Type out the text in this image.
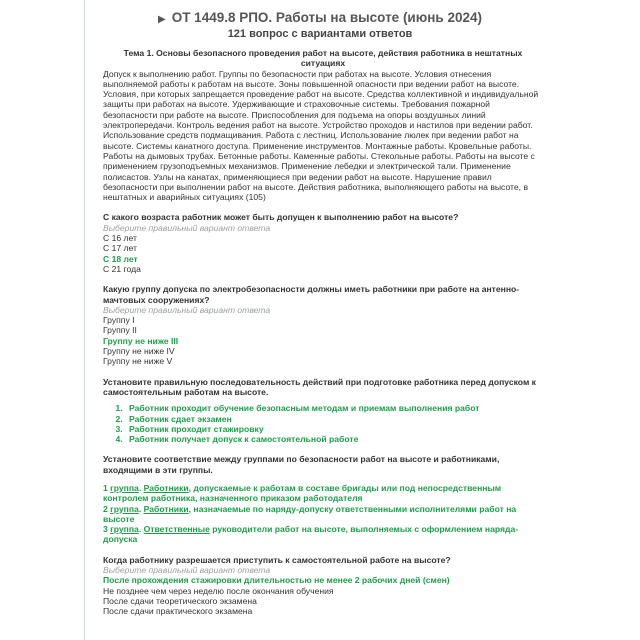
▶ ОТ 1449.8 РПО. Работы на высоте (июнь 2024)
121 вопрос с вариантами ответов
Тема 1. Основы безопасного проведения работ на высоте, действия работника в нештатных ситуациях
Допуск к выполнению работ. Группы по безопасности при работах на высоте. Условия отнесения выполняемой работы к работам на высоте. Зоны повышенной опасности при ведении работ на высоте. Условия, при которых запрещается проведение работ на высоте. Средства коллективной и индивидуальной защиты при работах на высоте. Удерживающие и страховочные системы. Требования пожарной безопасности при работе на высоте. Приспособления для подъема на опоры воздушных линий электропередачи. Контроль ведения работ на высоте. Устройство проходов и настилов при ведении работ. Использование средств подмащивания. Работа с лестниц. Использование люлек при ведении работ на высоте. Системы канатного доступа. Применение инструментов. Монтажные работы. Кровельные работы. Работы на дымовых трубах. Бетонные работы. Каменные работы. Стекольные работы. Работы на высоте с применением грузоподъемных механизмов. Применение лебедки и электрической тали. Применение полисастов. Узлы на канатах, применяющиеся при ведении работ на высоте. Нарушение правил безопасности при выполнении работ на высоте. Действия работника, выполняющего работы на высоте, в нештатных и аварийных ситуациях (105)
С какого возраста работник может быть допущен к выполнению работ на высоте?
Выберите правильный вариант ответа
С 16 лет
С 17 лет
С 18 лет
С 21 года
Какую группу допуска по электробезопасности должны иметь работники при работе на антенно-мачтовых сооружениях?
Выберите правильный вариант ответа
Группу I
Группу II
Группу не ниже III
Группу не ниже IV
Группу не ниже V
Установите правильную последовательность действий при подготовке работника перед допуском к самостоятельным работам на высоте.
1. Работник проходит обучение безопасным методам и приемам выполнения работ
2. Работник сдает экзамен
3. Работник проходит стажировку
4. Работник получает допуск к самостоятельной работе
Установите соответствие между группами по безопасности работ на высоте и работниками, входящими в эти группы.
1 группа. Работники, допускаемые к работам в составе бригады или под непосредственным контролем работника, назначенного приказом работодателя
2 группа. Работники, назначаемые по наряду-допуску ответственными исполнителями работ на высоте
3 группа. Ответственные руководители работ на высоте, выполняемых с оформлением наряда-допуска
Когда работнику разрешается приступить к самостоятельной работе на высоте?
Выберите правильный вариант ответа
После прохождения стажировки длительностью не менее 2 рабочих дней (смен)
Не позднее чем через неделю после окончания обучения
После сдачи теоретического экзамена
После сдачи практического экзамена
